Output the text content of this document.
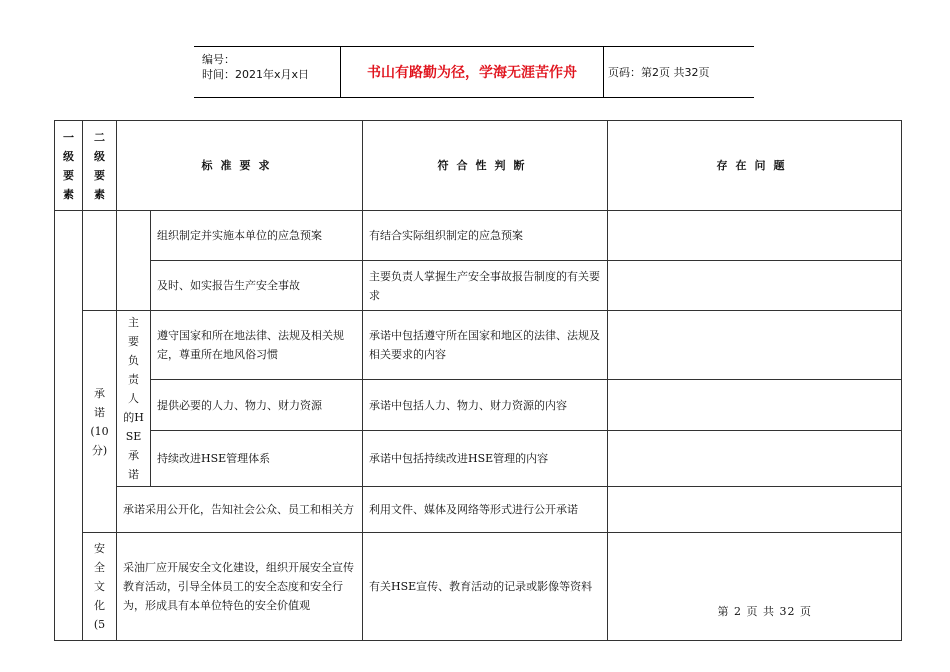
编号：
时间：2021年x月x日	书山有路勤为径，学海无涯苦作舟	页码：第2页 共32页
一级要素	二级要素	标准要求		符合性判断	存在问题
			组织制定并实施本单位的应急预案	有结合实际组织制定的应急预案	
			及时、如实报告生产安全事故	主要负责人掌握生产安全事故报告制度的有关要求	
	承诺(10分)	主要负责人的HSE承诺	遵守国家和所在地法律、法规及相关规定，尊重所在地风俗习惯	承诺中包括遵守所在国家和地区的法律、法规及相关要求的内容	
			提供必要的人力、物力、财力资源	承诺中包括人力、物力、财力资源的内容	
			持续改进HSE管理体系	承诺中包括持续改进HSE管理的内容	
		承诺采用公开化，告知社会公众、员工和相关方		利用文件、媒体及网络等形式进行公开承诺	
	安全文化(5	采油厂应开展安全文化建设，组织开展安全宣传教育活动，引导全体员工的安全态度和安全行为，形成具有本单位特色的安全价值观		有关HSE宣传、教育活动的记录或影像等资料	
第 2 页 共 32 页
